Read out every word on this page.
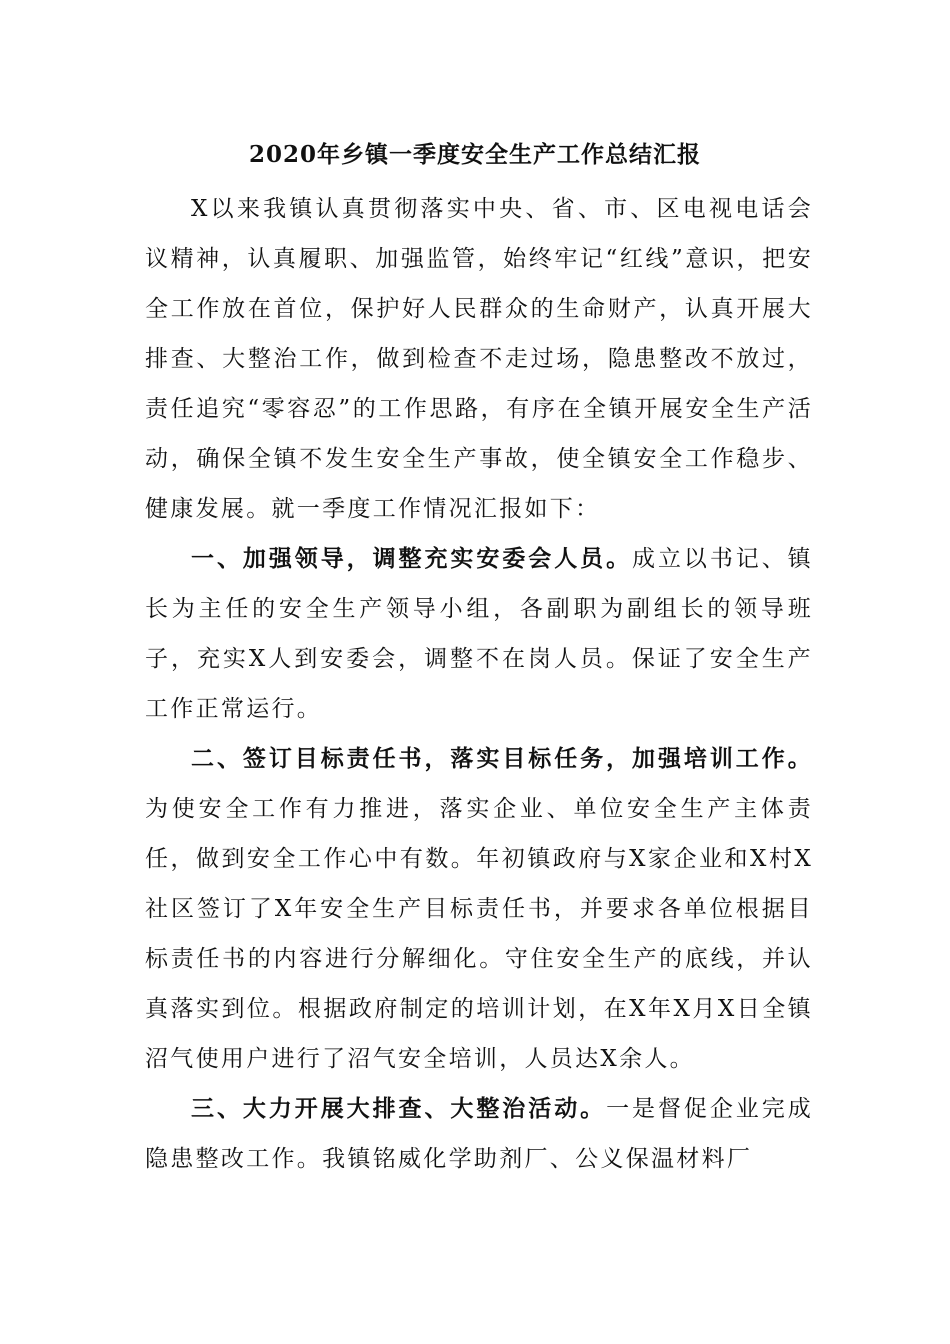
2020年乡镇一季度安全生产工作总结汇报

X以来我镇认真贯彻落实中央、省、市、区电视电话会议精神，认真履职、加强监管，始终牢记“红线”意识，把安全工作放在首位，保护好人民群众的生命财产，认真开展大排查、大整治工作，做到检查不走过场，隐患整改不放过，责任追究“零容忍”的工作思路，有序在全镇开展安全生产活动，确保全镇不发生安全生产事故，使全镇安全工作稳步、健康发展。就一季度工作情况汇报如下：

一、加强领导，调整充实安委会人员。成立以书记、镇长为主任的安全生产领导小组，各副职为副组长的领导班子，充实X人到安委会，调整不在岗人员。保证了安全生产工作正常运行。

二、签订目标责任书，落实目标任务，加强培训工作。为使安全工作有力推进，落实企业、单位安全生产主体责任，做到安全工作心中有数。年初镇政府与X家企业和X村X社区签订了X年安全生产目标责任书，并要求各单位根据目标责任书的内容进行分解细化。守住安全生产的底线，并认真落实到位。根据政府制定的培训计划，在X年X月X日全镇沼气使用户进行了沼气安全培训，人员达X余人。

三、大力开展大排查、大整治活动。一是督促企业完成隐患整改工作。我镇铭威化学助剂厂、公义保温材料厂
